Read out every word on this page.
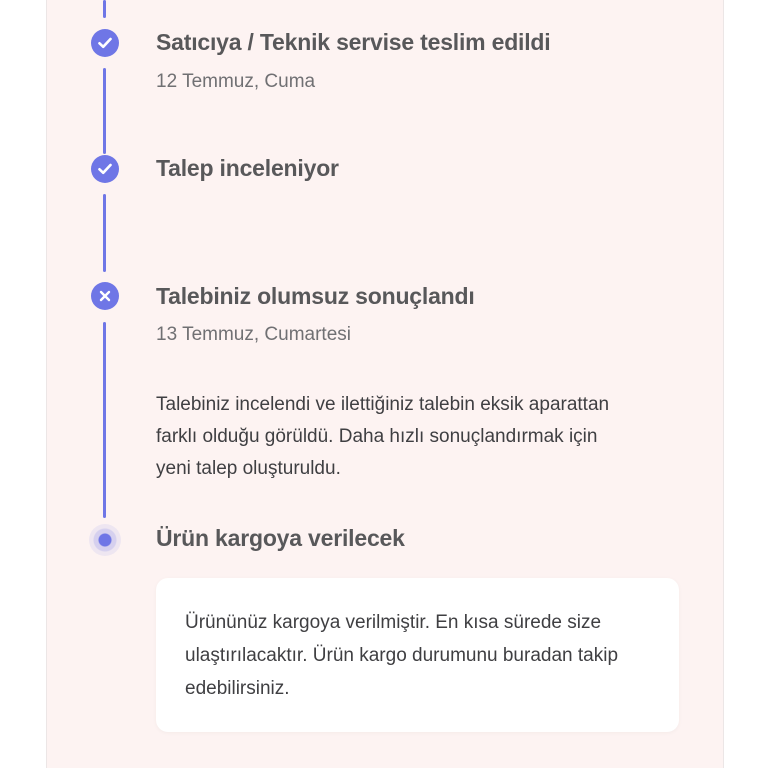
Satıcıya / Teknik servise teslim edildi
12 Temmuz, Cuma
Talep inceleniyor
Talebiniz olumsuz sonuçlandı
13 Temmuz, Cumartesi
Talebiniz incelendi ve ilettiğiniz talebin eksik aparattan farklı olduğu görüldü. Daha hızlı sonuçlandırmak için yeni talep oluşturuldu.
Ürün kargoya verilecek
Ürününüz kargoya verilmiştir. En kısa sürede size ulaştırılacaktır. Ürün kargo durumunu buradan takip edebilirsiniz.
